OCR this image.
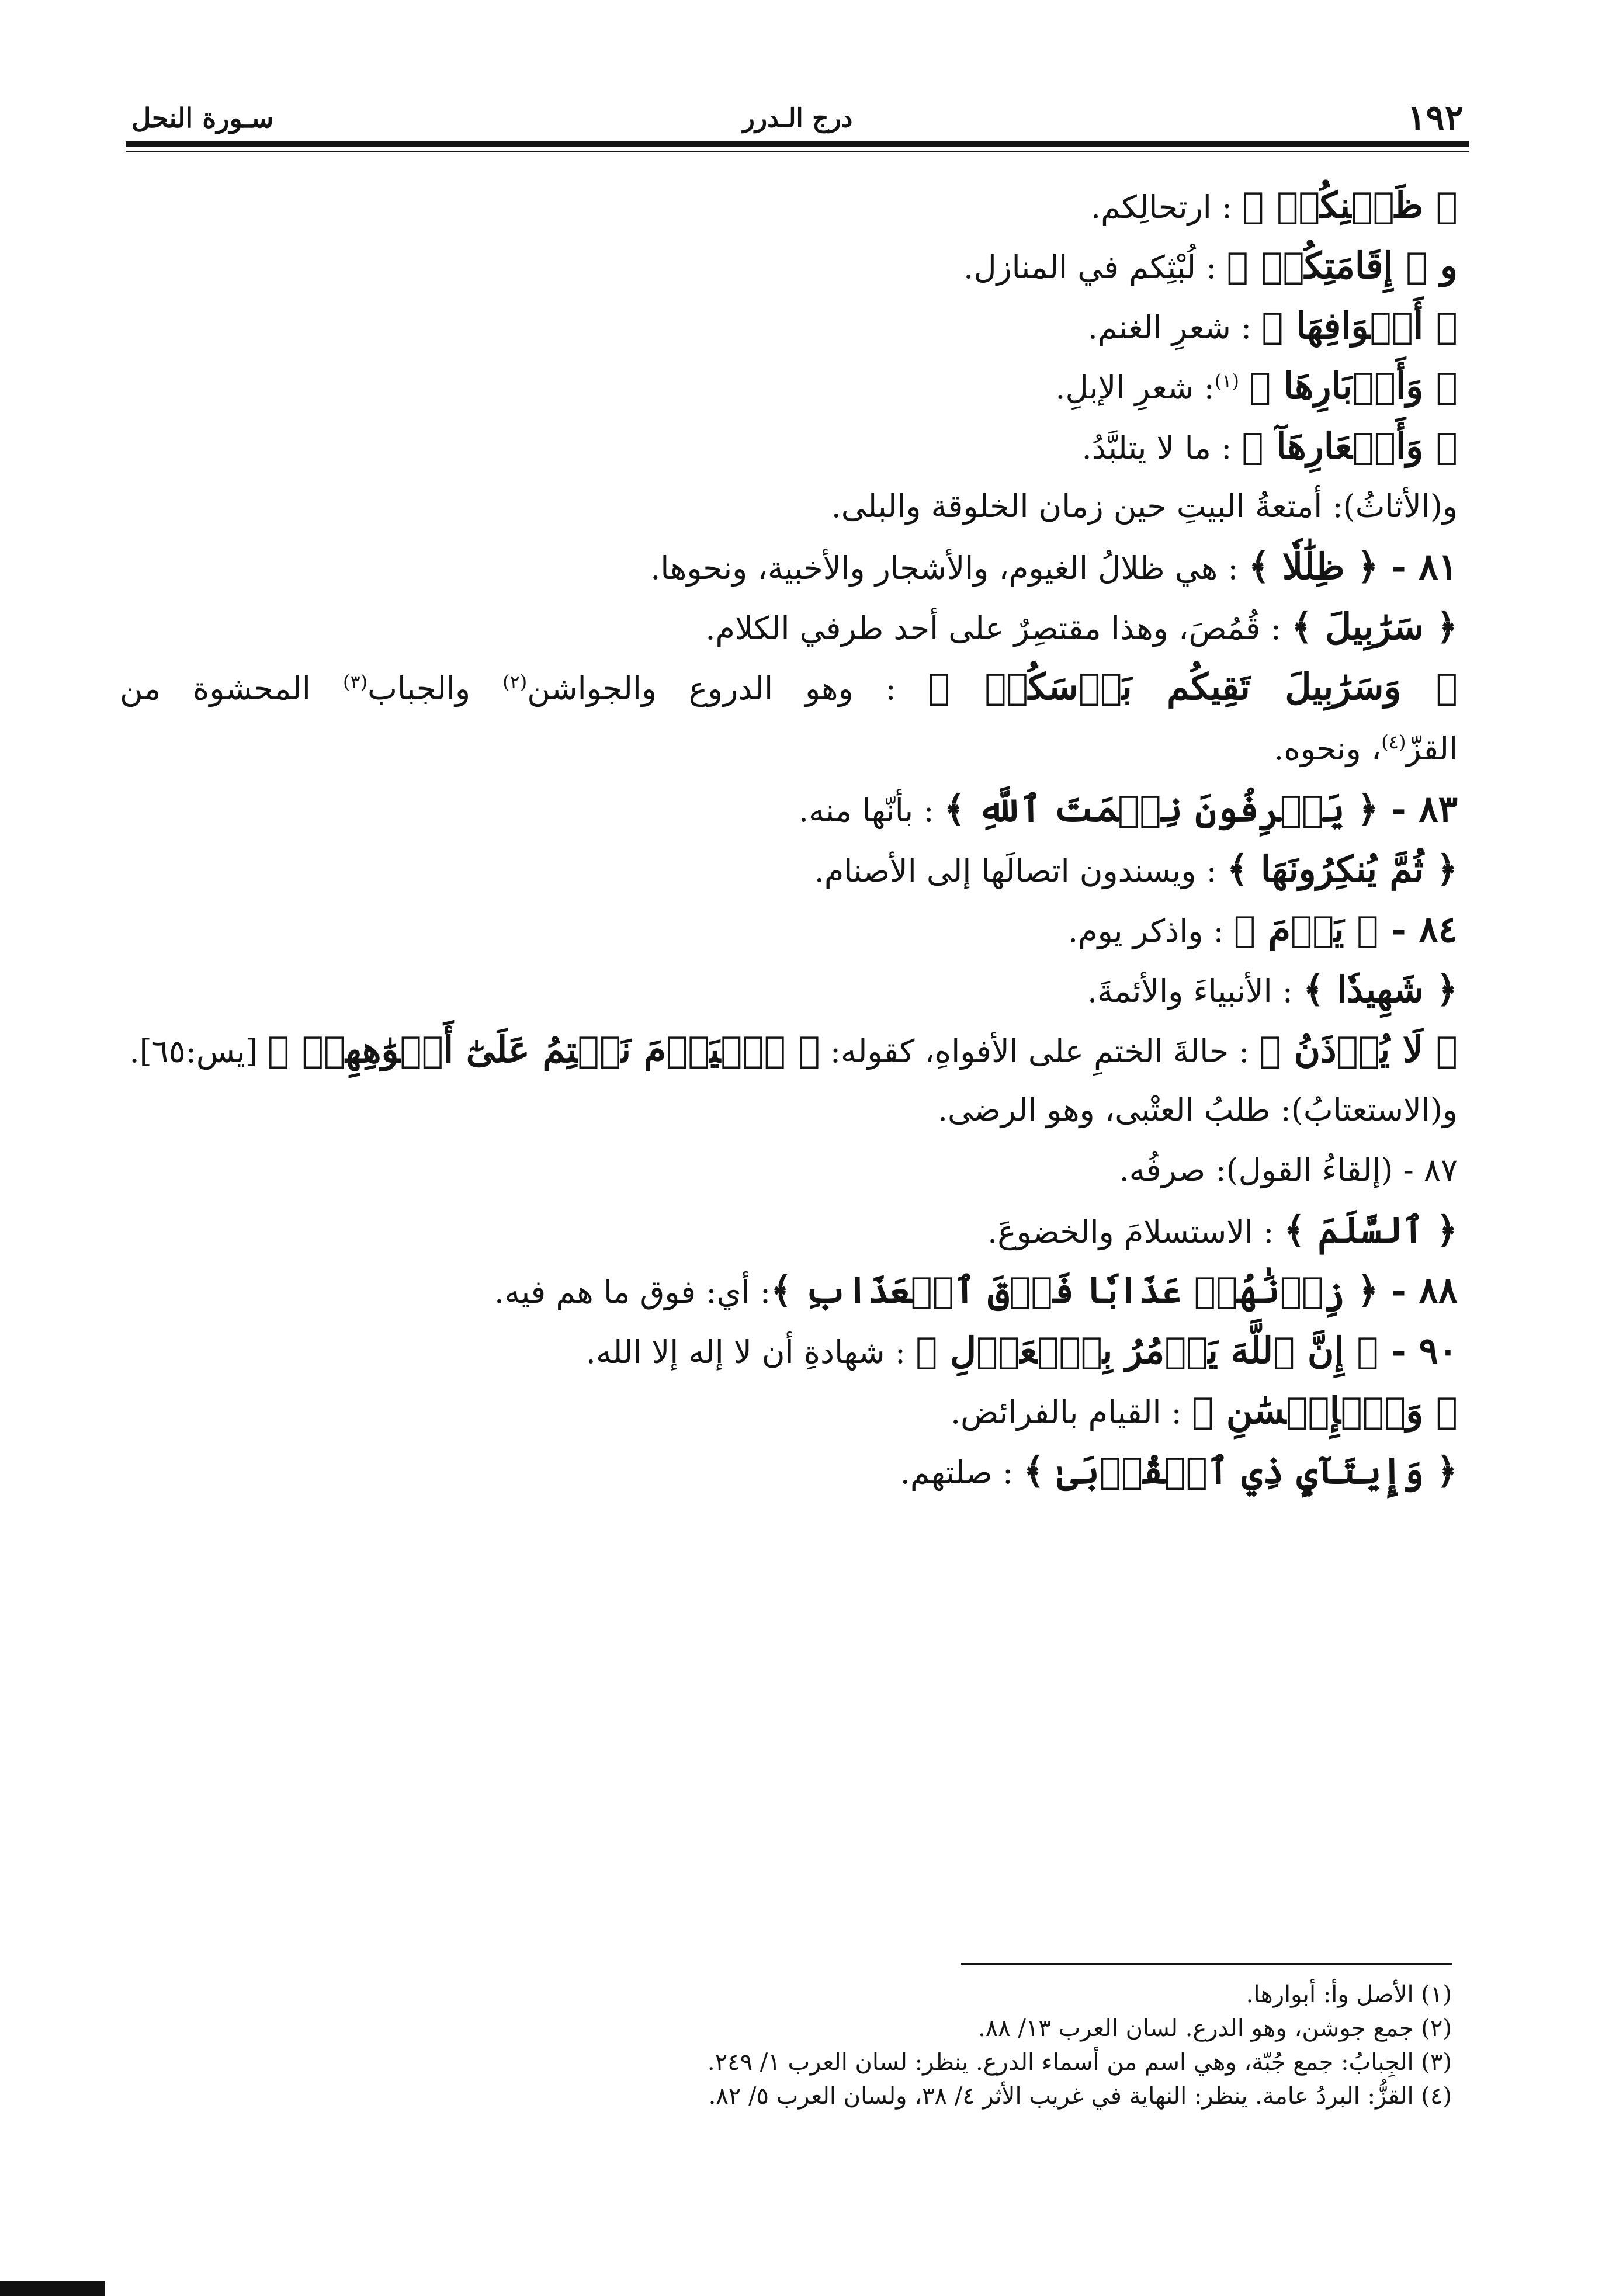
سـورة النحل	درج الـدرر	١٩٢
﴿ ظَعۡنِكُمۡ ﴾ : ارتحالِكم.
و ﴿ إِقَامَتِكُمۡ ﴾ : لُبْثِكم في المنازل.
﴿ أَصۡوَافِهَا ﴾ : شعرِ الغنم.
﴿ وَأَوۡبَارِهَا ﴾ $^{(١)}$: شعرِ الإبلِ.
﴿ وَأَشۡعَارِهَآ ﴾ : ما لا يتلبَّدُ.
و(الأثاثُ): أمتعةُ البيتِ حين زمان الخلوقة والبلى.
٨١ - ﴿ ظِلَٰلٗا ﴾ : هي ظلالُ الغيوم، والأشجار والأخبية، ونحوها.
﴿ سَرَٰبِيلَ ﴾ : قُمُصَ، وهذا مقتصِرٌ على أحد طرفي الكلام.
﴿ وَسَرَٰبِيلَ تَقِيكُم بَأۡسَكُمۡ ﴾ : وهو الدروع والجواشن$^{(٢)}$ والجباب$^{(٣)}$ المحشوة من
القزّ$^{(٤)}$، ونحوه.
٨٣ - ﴿ يَعۡرِفُونَ نِعۡمَتَ ٱللَّهِ ﴾ : بأنّها منه.
﴿ ثُمَّ يُنكِرُونَهَا ﴾ : ويسندون اتصالَها إلى الأصنام.
٨٤ - ﴿ يَوۡمَ ﴾ : واذكر يوم.
﴿ شَهِيدٗا ﴾ : الأنبياءَ والأئمةَ.
﴿ لَا يُؤۡذَنُ ﴾ : حالةَ الختمِ على الأفواهِ، كقوله: ﴿ ٱلۡيَوۡمَ نَخۡتِمُ عَلَىٰٓ أَفۡوَٰهِهِمۡ ﴾ [يس:٦٥].
و(الاستعتابُ): طلبُ العتْبى، وهو الرضى.
٨٧ - (إلقاءُ القول): صرفُه.
﴿ ٱلسَّلَمَ ﴾ : الاستسلامَ والخضوعَ.
٨٨ - ﴿ زِدۡنَٰهُمۡ عَذَابٗا فَوۡقَ ٱلۡعَذَابِ ﴾: أي: فوق ما هم فيه.
٩٠ - ﴿ إِنَّ ٱللَّهَ يَأۡمُرُ بِٱلۡعَدۡلِ ﴾ : شهادةِ أن لا إله إلا الله.
﴿ وَٱلۡإِحۡسَٰنِ ﴾ : القيام بالفرائض.
﴿ وَإِيتَآيِٕ ذِي ٱلۡقُرۡبَىٰ ﴾ : صلتهم.
(١) الأصل وأ: أبوارها.
(٢) جمع جوشن، وهو الدرع. لسان العرب ١٣/ ٨٨.
(٣) الجِبابُ: جمع جُبّة، وهي اسم من أسماء الدرع. ينظر: لسان العرب ١/ ٢٤٩.
(٤) القزُّ: البردُ عامة. ينظر: النهاية في غريب الأثر ٤/ ٣٨، ولسان العرب ٥/ ٨٢.
